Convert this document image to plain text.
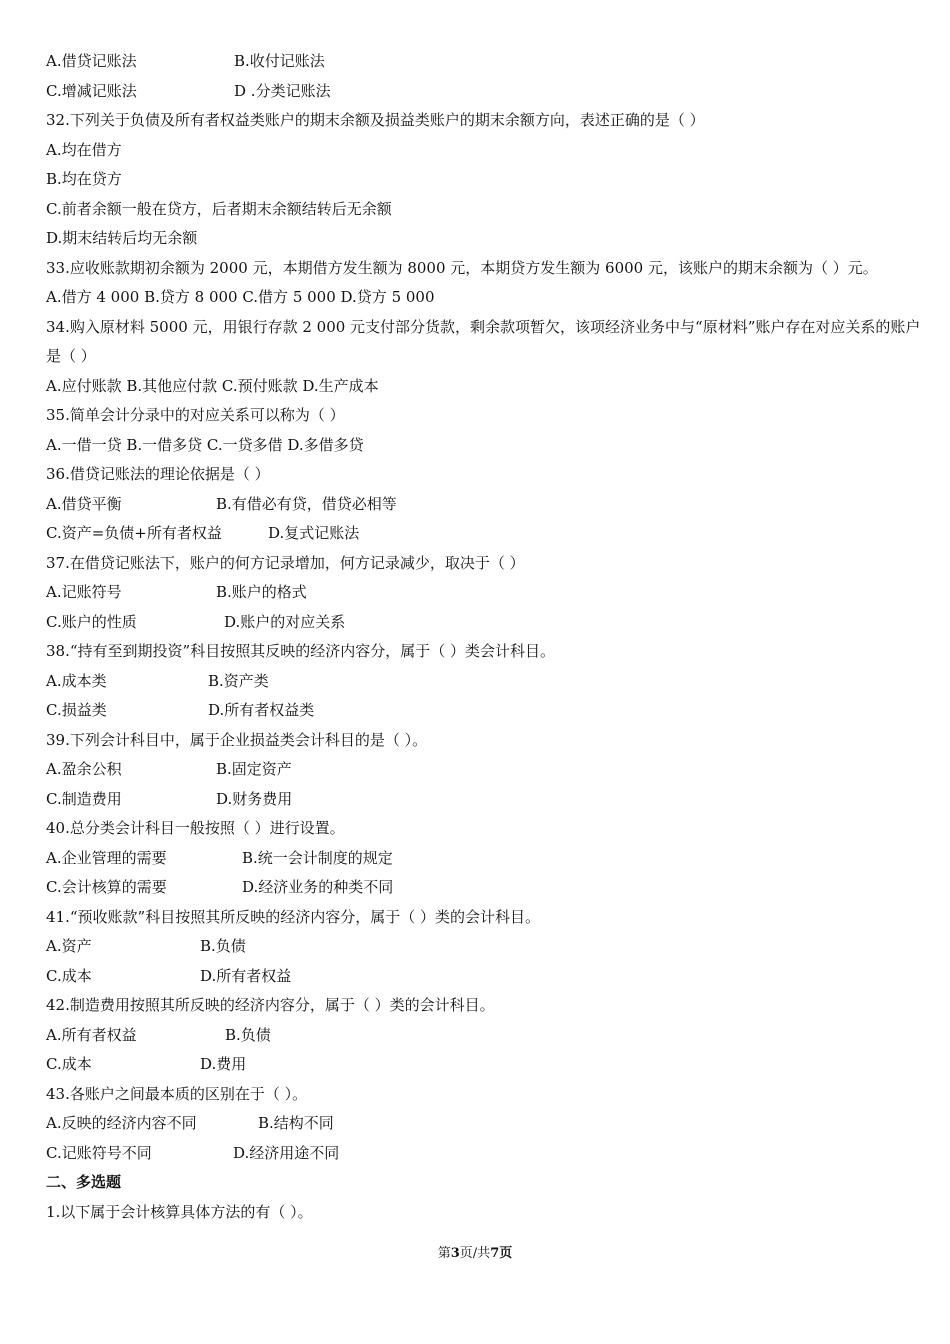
A.借贷记账法	B.收付记账法
C.增减记账法	D .分类记账法
32.下列关于负债及所有者权益类账户的期末余额及损益类账户的期末余额方向，表述正确的是（ ）
A.均在借方
B.均在贷方
C.前者余额一般在贷方，后者期末余额结转后无余额
D.期末结转后均无余额
33.应收账款期初余额为 2000 元，本期借方发生额为 8000 元，本期贷方发生额为 6000 元，该账户的期末余额为（ ）元。
A.借方 4 000 B.贷方 8 000 C.借方 5 000 D.贷方 5 000
34.购入原材料 5000 元，用银行存款 2 000 元支付部分货款，剩余款项暂欠，该项经济业务中与“原材料”账户存在对应关系的账户是（ ）
A.应付账款 B.其他应付款 C.预付账款 D.生产成本
35.简单会计分录中的对应关系可以称为（ ）
A.一借一贷 B.一借多贷 C.一贷多借 D.多借多贷
36.借贷记账法的理论依据是（ ）
A.借贷平衡	B.有借必有贷，借贷必相等
C.资产=负债+所有者权益	D.复式记账法
37.在借贷记账法下，账户的何方记录增加，何方记录减少，取决于（ ）
A.记账符号	B.账户的格式
C.账户的性质	D.账户的对应关系
38.“持有至到期投资”科目按照其反映的经济内容分，属于（ ）类会计科目。
A.成本类	B.资产类
C.损益类	D.所有者权益类
39.下列会计科目中，属于企业损益类会计科目的是（ ）。
A.盈余公积	B.固定资产
C.制造费用	D.财务费用
40.总分类会计科目一般按照（ ）进行设置。
A.企业管理的需要	B.统一会计制度的规定
C.会计核算的需要	D.经济业务的种类不同
41.“预收账款”科目按照其所反映的经济内容分，属于（ ）类的会计科目。
A.资产	B.负债
C.成本	D.所有者权益
42.制造费用按照其所反映的经济内容分，属于（ ）类的会计科目。
A.所有者权益	B.负债
C.成本	D.费用
43.各账户之间最本质的区别在于（ ）。
A.反映的经济内容不同	B.结构不同
C.记账符号不同	D.经济用途不同
二、多选题
1.以下属于会计核算具体方法的有（ ）。
第3页/共7页
